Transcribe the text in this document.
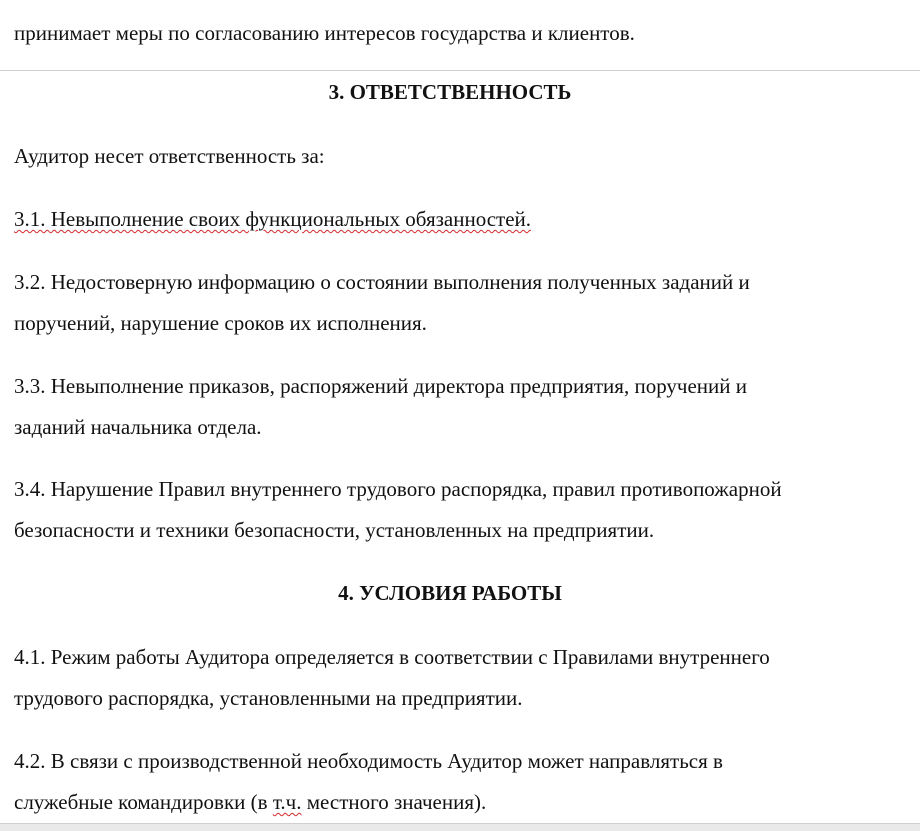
принимает меры по согласованию интересов государства и клиентов.
3. ОТВЕТСТВЕННОСТЬ
Аудитор несет ответственность за:
3.1. Невыполнение своих функциональных обязанностей.
3.2. Недостоверную информацию о состоянии выполнения полученных заданий и
поручений, нарушение сроков их исполнения.
3.3. Невыполнение приказов, распоряжений директора предприятия, поручений и
заданий начальника отдела.
3.4. Нарушение Правил внутреннего трудового распорядка, правил противопожарной
безопасности и техники безопасности, установленных на предприятии.
4. УСЛОВИЯ РАБОТЫ
4.1. Режим работы Аудитора определяется в соответствии с Правилами внутреннего
трудового распорядка, установленными на предприятии.
4.2. В связи с производственной необходимость Аудитор может направляться в
служебные командировки (в т.ч. местного значения).
